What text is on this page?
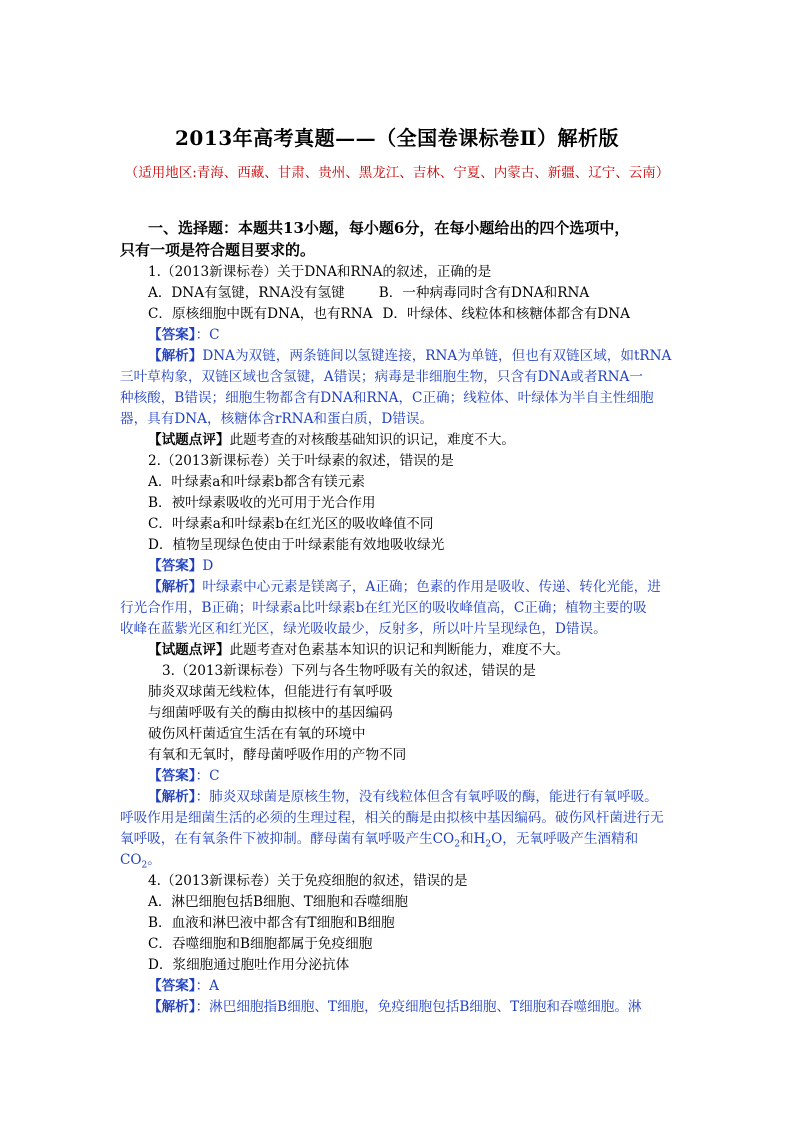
2013年高考真题——（全国卷课标卷Ⅱ）解析版
（适用地区:青海、西藏、甘肃、贵州、黑龙江、吉林、宁夏、内蒙古、新疆、辽宁、云南）
一、选择题：本题共13小题，每小题6分，在每小题给出的四个选项中，
只有一项是符合题目要求的。
1.（2013新课标卷）关于DNA和RNA的叙述，正确的是
A．DNA有氢键，RNA没有氢键	B．一种病毒同时含有DNA和RNA
C．原核细胞中既有DNA，也有RNA D．叶绿体、线粒体和核糖体都含有DNA
【答案】：C
【解析】DNA为双链，两条链间以氢键连接，RNA为单链，但也有双链区域，如tRNA
三叶草构象，双链区域也含氢键，A错误；病毒是非细胞生物，只含有DNA或者RNA一
种核酸，B错误；细胞生物都含有DNA和RNA，C正确；线粒体、叶绿体为半自主性细胞
器，具有DNA，核糖体含rRNA和蛋白质，D错误。
【试题点评】此题考查的对核酸基础知识的识记，难度不大。
2.（2013新课标卷）关于叶绿素的叙述，错误的是
A．叶绿素a和叶绿素b都含有镁元素
B．被叶绿素吸收的光可用于光合作用
C．叶绿素a和叶绿素b在红光区的吸收峰值不同
D．植物呈现绿色使由于叶绿素能有效地吸收绿光
【答案】D
【解析】叶绿素中心元素是镁离子，A正确；色素的作用是吸收、传递、转化光能，进
行光合作用，B正确；叶绿素a比叶绿素b在红光区的吸收峰值高，C正确；植物主要的吸
收峰在蓝紫光区和红光区，绿光吸收最少，反射多，所以叶片呈现绿色，D错误。
【试题点评】此题考查对色素基本知识的识记和判断能力，难度不大。
3.（2013新课标卷）下列与各生物呼吸有关的叙述，错误的是
肺炎双球菌无线粒体，但能进行有氧呼吸
与细菌呼吸有关的酶由拟核中的基因编码
破伤风杆菌适宜生活在有氧的环境中
有氧和无氧时，酵母菌呼吸作用的产物不同
【答案】：C
【解析】：肺炎双球菌是原核生物，没有线粒体但含有氧呼吸的酶，能进行有氧呼吸。
呼吸作用是细菌生活的必须的生理过程，相关的酶是由拟核中基因编码。破伤风杆菌进行无
氧呼吸，在有氧条件下被抑制。酵母菌有氧呼吸产生$CO_2$和$H_2O$，无氧呼吸产生酒精和
$CO_2$。
4.（2013新课标卷）关于免疫细胞的叙述，错误的是
A．淋巴细胞包括B细胞、T细胞和吞噬细胞
B．血液和淋巴液中都含有T细胞和B细胞
C．吞噬细胞和B细胞都属于免疫细胞
D．浆细胞通过胞吐作用分泌抗体
【答案】：A
【解析】：淋巴细胞指B细胞、T细胞，免疫细胞包括B细胞、T细胞和吞噬细胞。淋
